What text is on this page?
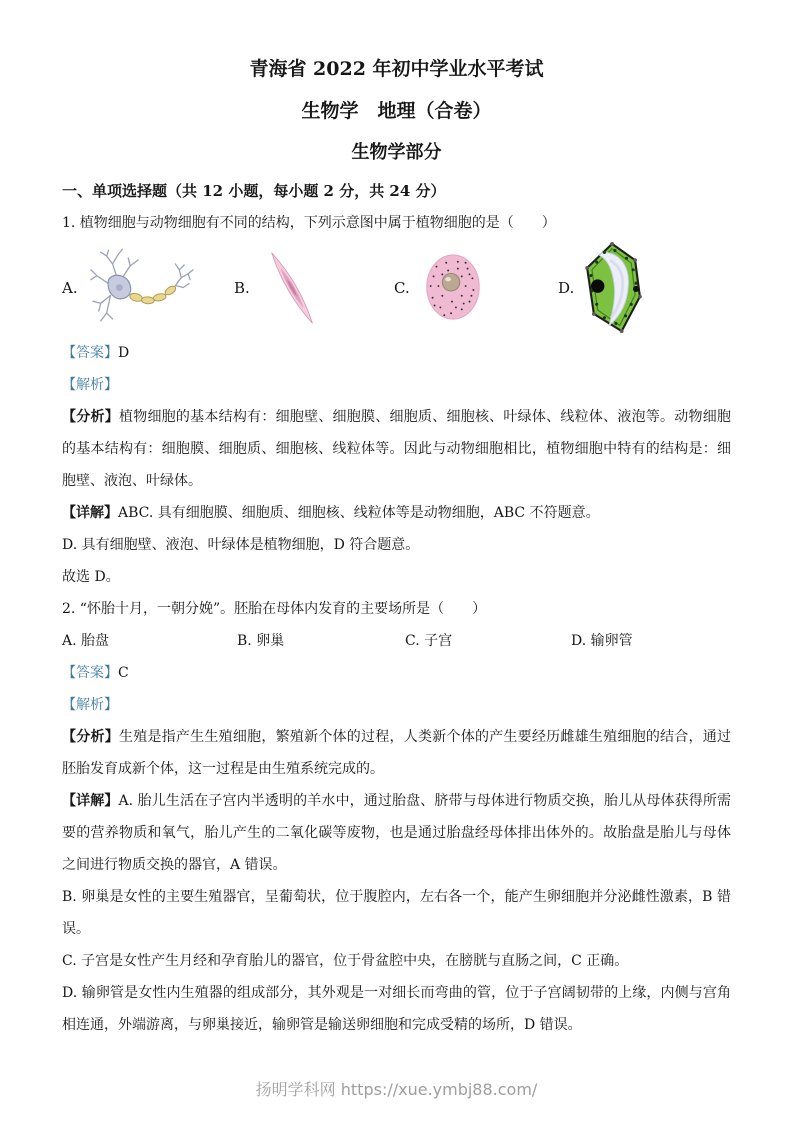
青海省 2022 年初中学业水平考试
生物学　地理（合卷）
生物学部分
一、单项选择题（共 12 小题，每小题 2 分，共 24 分）

1. 植物细胞与动物细胞有不同的结构，下列示意图中属于植物细胞的是（　　）

A.	B.	C.	D.

【答案】D

【解析】

【分析】植物细胞的基本结构有：细胞壁、细胞膜、细胞质、细胞核、叶绿体、线粒体、液泡等。动物细胞的基本结构有：细胞膜、细胞质、细胞核、线粒体等。因此与动物细胞相比，植物细胞中特有的结构是：细胞壁、液泡、叶绿体。

【详解】ABC. 具有细胞膜、细胞质、细胞核、线粒体等是动物细胞，ABC 不符题意。

D. 具有细胞壁、液泡、叶绿体是植物细胞，D 符合题意。

故选 D。

2. “怀胎十月，一朝分娩”。胚胎在母体内发育的主要场所是（　　）

A. 胎盘	B. 卵巢	C. 子宫	D. 输卵管

【答案】C

【解析】

【分析】生殖是指产生生殖细胞，繁殖新个体的过程，人类新个体的产生要经历雌雄生殖细胞的结合，通过胚胎发育成新个体，这一过程是由生殖系统完成的。

【详解】A. 胎儿生活在子宫内半透明的羊水中，通过胎盘、脐带与母体进行物质交换，胎儿从母体获得所需要的营养物质和氧气，胎儿产生的二氧化碳等废物，也是通过胎盘经母体排出体外的。故胎盘是胎儿与母体之间进行物质交换的器官，A 错误。

B. 卵巢是女性的主要生殖器官，呈葡萄状，位于腹腔内，左右各一个，能产生卵细胞并分泌雌性激素，B 错误。

C. 子宫是女性产生月经和孕育胎儿的器官，位于骨盆腔中央，在膀胱与直肠之间，C 正确。

D. 输卵管是女性内生殖器的组成部分，其外观是一对细长而弯曲的管，位于子宫阔韧带的上缘，内侧与宫角相连通，外端游离，与卵巢接近，输卵管是输送卵细胞和完成受精的场所，D 错误。

扬明学科网 https://xue.ymbj88.com/
